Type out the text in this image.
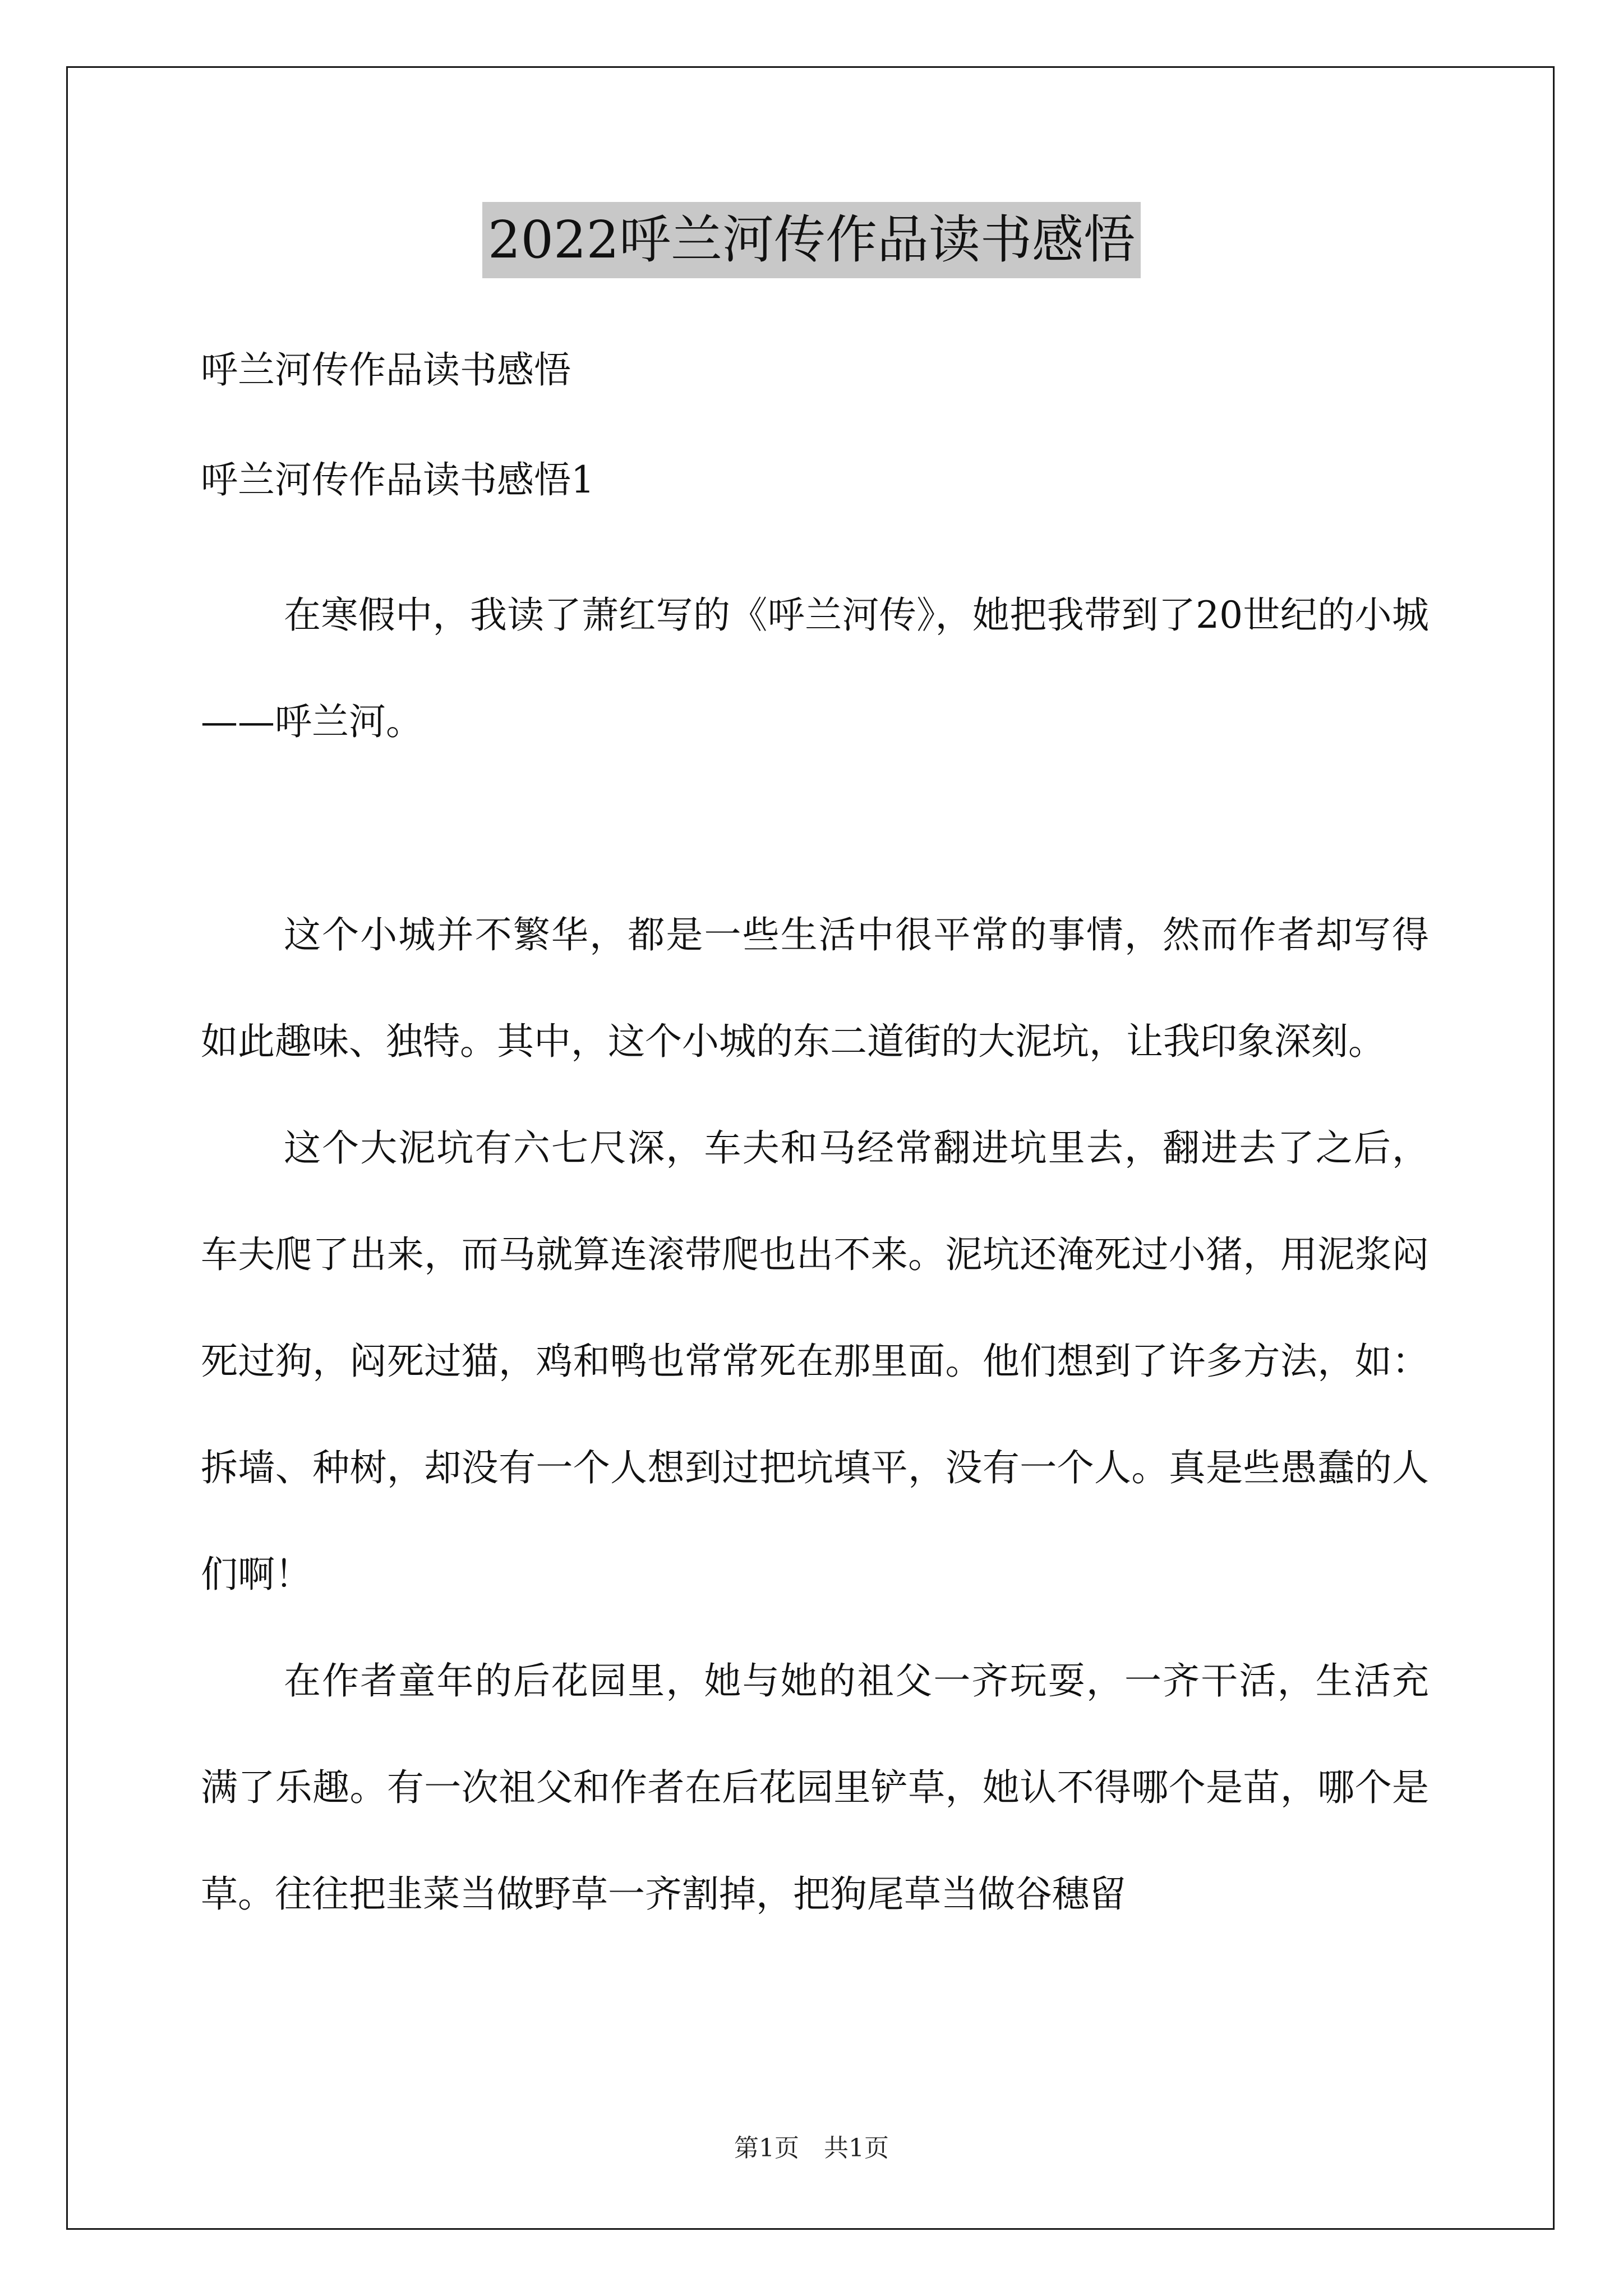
2022呼兰河传作品读书感悟
呼兰河传作品读书感悟
呼兰河传作品读书感悟1

在寒假中，我读了萧红写的《呼兰河传》，她把我带到了20世纪的小城——呼兰河。

这个小城并不繁华，都是一些生活中很平常的事情，然而作者却写得如此趣味、独特。其中，这个小城的东二道街的大泥坑，让我印象深刻。

这个大泥坑有六七尺深，车夫和马经常翻进坑里去，翻进去了之后，车夫爬了出来，而马就算连滚带爬也出不来。泥坑还淹死过小猪，用泥浆闷死过狗，闷死过猫，鸡和鸭也常常死在那里面。他们想到了许多方法，如：拆墙、种树，却没有一个人想到过把坑填平，没有一个人。真是些愚蠢的人们啊！

在作者童年的后花园里，她与她的祖父一齐玩耍，一齐干活，生活充满了乐趣。有一次祖父和作者在后花园里铲草，她认不得哪个是苗，哪个是草。往往把韭菜当做野草一齐割掉，把狗尾草当做谷穗留

第1页　共1页
